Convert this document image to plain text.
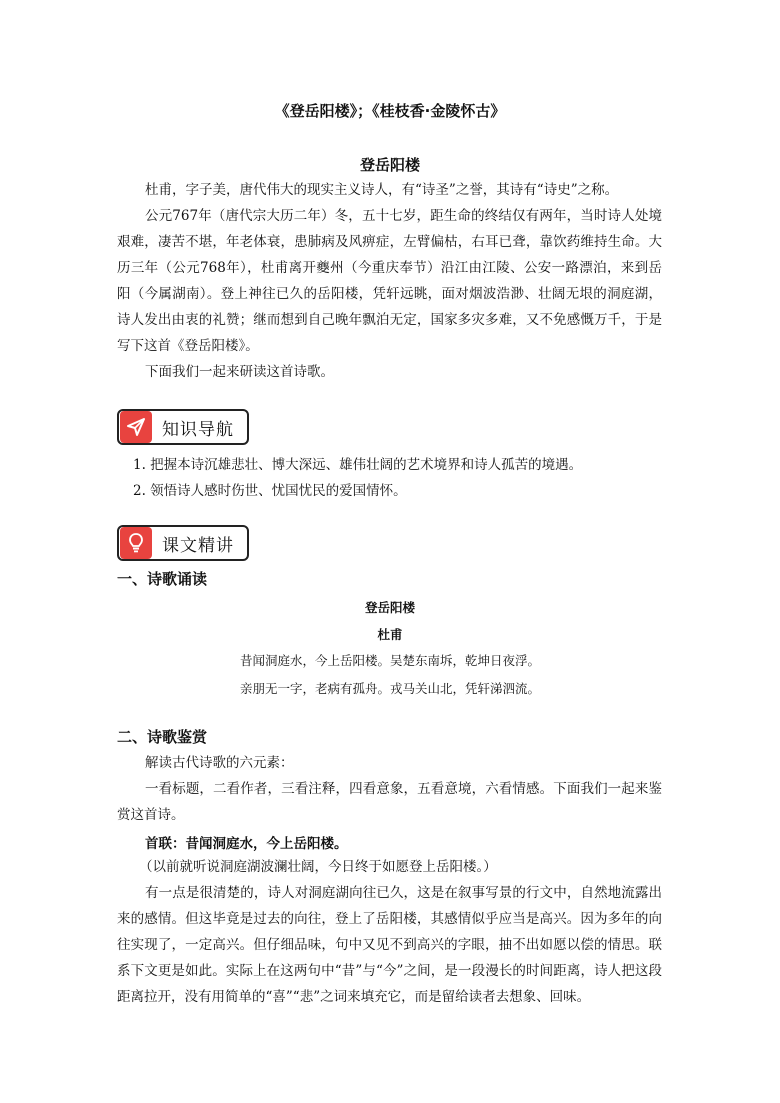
《登岳阳楼》；《桂枝香·金陵怀古》
登岳阳楼

杜甫，字子美，唐代伟大的现实主义诗人，有“诗圣”之誉，其诗有“诗史”之称。

公元767年（唐代宗大历二年）冬，五十七岁，距生命的终结仅有两年，当时诗人处境艰难，凄苦不堪，年老体衰，患肺病及风痹症，左臂偏枯，右耳已聋，靠饮药维持生命。大历三年（公元768年），杜甫离开夔州（今重庆奉节）沿江由江陵、公安一路漂泊，来到岳阳（今属湖南）。登上神往已久的岳阳楼，凭轩远眺，面对烟波浩渺、壮阔无垠的洞庭湖，诗人发出由衷的礼赞；继而想到自己晚年飘泊无定，国家多灾多难，又不免感慨万千，于是写下这首《登岳阳楼》。

下面我们一起来研读这首诗歌。

知识导航

1. 把握本诗沉雄悲壮、博大深远、雄伟壮阔的艺术境界和诗人孤苦的境遇。

2. 领悟诗人感时伤世、忧国忧民的爱国情怀。

课文精讲
一、诗歌诵读
登岳阳楼
杜甫
昔闻洞庭水，今上岳阳楼。吴楚东南坼，乾坤日夜浮。
亲朋无一字，老病有孤舟。戎马关山北，凭轩涕泗流。
二、诗歌鉴赏

解读古代诗歌的六元素：

一看标题，二看作者，三看注释，四看意象，五看意境，六看情感。下面我们一起来鉴赏这首诗。

首联：昔闻洞庭水，今上岳阳楼。

（以前就听说洞庭湖波澜壮阔，今日终于如愿登上岳阳楼。）

有一点是很清楚的，诗人对洞庭湖向往已久，这是在叙事写景的行文中，自然地流露出来的感情。但这毕竟是过去的向往，登上了岳阳楼，其感情似乎应当是高兴。因为多年的向往实现了，一定高兴。但仔细品味，句中又见不到高兴的字眼，抽不出如愿以偿的情思。联系下文更是如此。实际上在这两句中“昔”与“今”之间，是一段漫长的时间距离，诗人把这段距离拉开，没有用简单的“喜”“悲”之词来填充它，而是留给读者去想象、回味。
